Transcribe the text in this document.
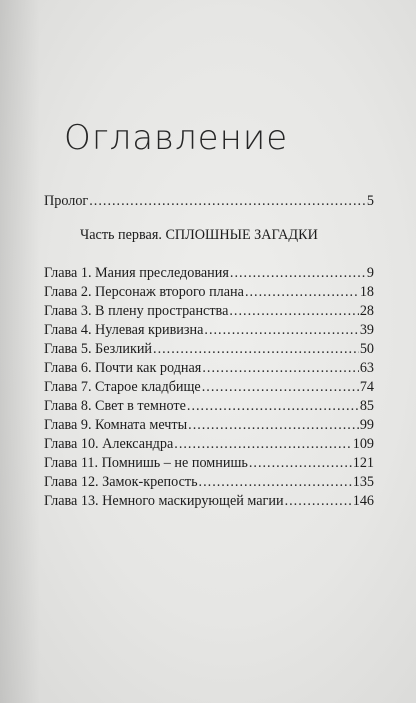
Оглавление
Пролог .....	5
Часть первая. СПЛОШНЫЕ ЗАГАДКИ
Глава 1. Мания преследования .....	9
Глава 2. Персонаж второго плана .....	18
Глава 3. В плену пространства .....	28
Глава 4. Нулевая кривизна .....	39
Глава 5. Безликий .....	50
Глава 6. Почти как родная .....	63
Глава 7. Старое кладбище .....	74
Глава 8. Свет в темноте .....	85
Глава 9. Комната мечты .....	99
Глава 10. Александра .....	109
Глава 11. Помнишь – не помнишь .....	121
Глава 12. Замок-крепость .....	135
Глава 13. Немного маскирующей магии .....	146
